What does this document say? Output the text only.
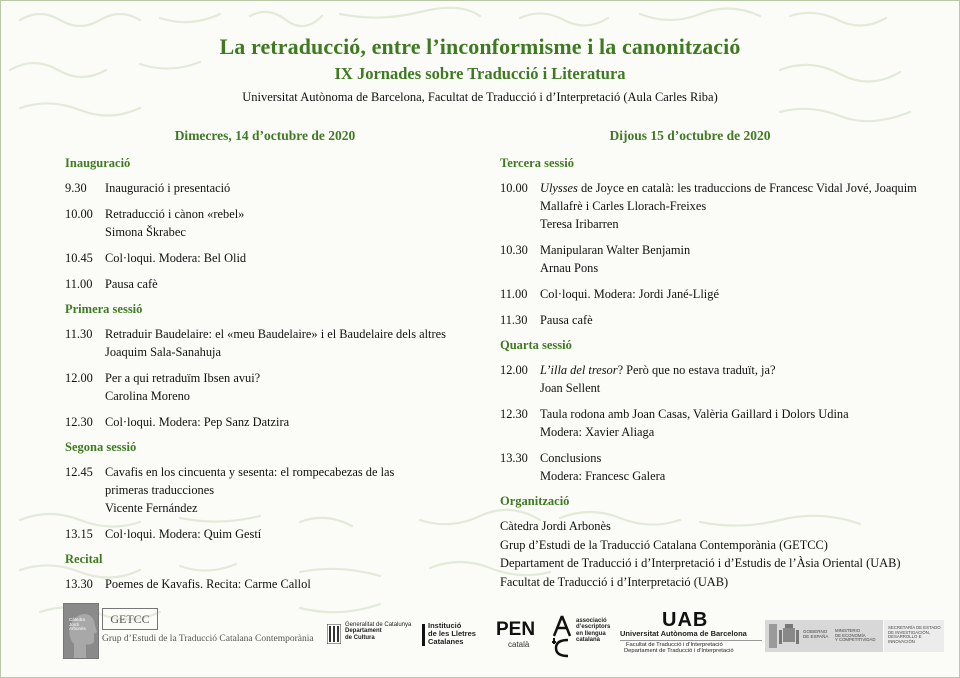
La retraducció, entre l’inconformisme i la canonització
IX Jornades sobre Traducció i Literatura
Universitat Autònoma de Barcelona, Facultat de Traducció i d’Interpretació (Aula Carles Riba)
Dimecres, 14 d’octubre de 2020
Inauguració
9.30	Inauguració i presentació
10.00 Retraducció i cànon «rebel»
Simona Škrabec
10.45 Col·loqui. Modera: Bel Olid
11.00	Pausa cafè
Primera sessió
11.30	Retraduir Baudelaire: el «meu Baudelaire» i el Baudelaire dels altres
Joaquim Sala-Sanahuja
12.00 Per a qui retraduïm Ibsen avui?
Carolina Moreno
12.30 Col·loqui. Modera: Pep Sanz Datzira
Segona sessió
12.45 Cavafis en los cincuenta y sesenta: el rompecabezas de las primeras traducciones
Vicente Fernández
13.15 Col·loqui. Modera: Quim Gestí
Recital
13.30 Poemes de Kavafis. Recita: Carme Callol
Dijous 15 d’octubre de 2020
Tercera sessió
10.00 Ulysses de Joyce en català: les traduccions de Francesc Vidal Jové, Joaquim Mallafrè i Carles Llorach-Freixes
Teresa Iribarren
10.30 Manipularan Walter Benjamin
Arnau Pons
11.00	Col·loqui. Modera: Jordi Jané-Lligé
11.30	Pausa cafè
Quarta sessió
12.00 L’illa del tresor? Però que no estava traduït, ja?
Joan Sellent
12.30 Taula rodona amb Joan Casas, Valèria Gaillard i Dolors Udina
Modera: Xavier Aliaga
13.30 Conclusions
Modera: Francesc Galera
Organització
Càtedra Jordi Arbonès
Grup d’Estudi de la Traducció Catalana Contemporània (GETCC)
Departament de Traducció i d’Interpretació i d’Estudis de l’Àsia Oriental (UAB)
Facultat de Traducció i d’Interpretació (UAB)
Càtedra
Jordi
Arbonès
GETCC
Grup d’Estudi de la Traducció Catalana Contemporània
Generalitat de Catalunya
Departament
de Cultura
Institució
de les Lletres
Catalanes
PEN
català
associació
d’escriptors
en llengua
catalana
UAB
Universitat Autònoma de Barcelona
Facultat de Traducció i d’Interpretació
Departament de Traducció i d’Interpretació
GOBIERNO
DE ESPAÑA
MINISTERIO
DE ECONOMÍA
Y COMPETITIVIDAD
SECRETARÍA DE ESTADO
DE INVESTIGACIÓN,
DESARROLLO E
INNOVACIÓN
